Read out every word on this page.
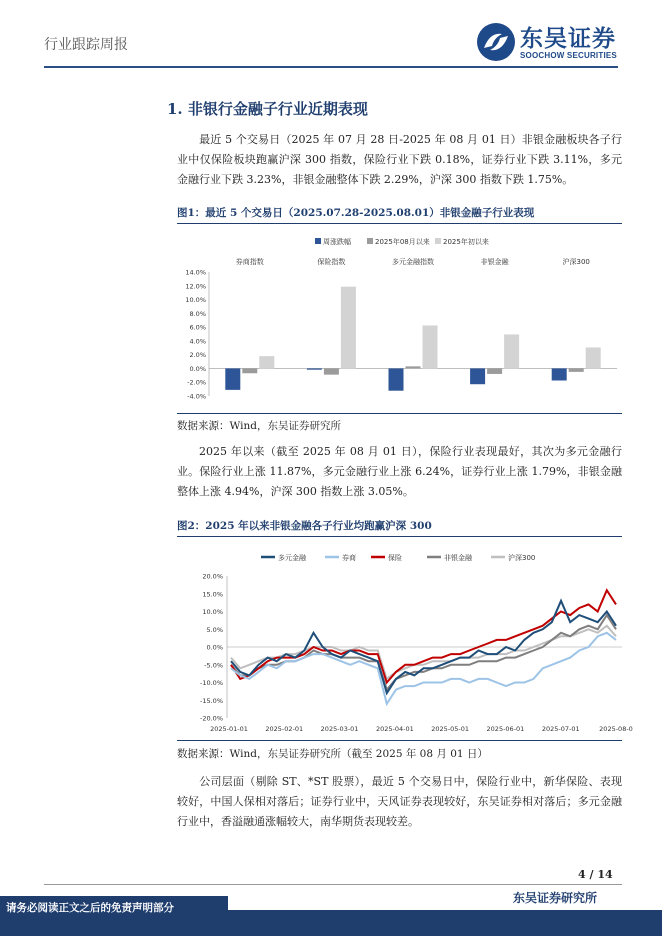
行业跟踪周报	东吴证券
SOOCHOW SECURITIES
1. 非银行金融子行业近期表现
最近 5 个交易日（2025 年 07 月 28 日-2025 年 08 月 01 日）非银金融板块各子行业中仅保险板块跑赢沪深 300 指数，保险行业下跌 0.18%，证券行业下跌 3.11%，多元金融行业下跌 3.23%，非银金融整体下跌 2.29%，沪深 300 指数下跌 1.75%。
图1：最近 5 个交易日（2025.07.28-2025.08.01）非银金融子行业表现
周涨跌幅	2025年08月以来 2025年初以来
14.0%
12.0%
10.0%
8.0%
6.0%
4.0%
2.0%
0.0%
-2.0%
-4.0%
券商指数	保险指数	多元金融指数	非银金融	沪深300
数据来源：Wind，东吴证券研究所
2025 年以来（截至 2025 年 08 月 01 日），保险行业表现最好，其次为多元金融行业。保险行业上涨 11.87%，多元金融行业上涨 6.24%，证券行业上涨 1.79%，非银金融整体上涨 4.94%，沪深 300 指数上涨 3.05%。
图2：2025 年以来非银金融各子行业均跑赢沪深 300
多元金融	券商	保险	非银金融	沪深300
20.0%
15.0%
10.0%
5.0%
0.0%
-5.0%
-10.0%
-15.0%
-20.0%
2025-01-01	2025-02-01	2025-03-01	2025-04-01	2025-05-01	2025-06-01	2025-07-01	2025-08-0
数据来源：Wind，东吴证券研究所（截至 2025 年 08 月 01 日）
公司层面（剔除 ST、*ST 股票），最近 5 个交易日中，保险行业中，新华保险、表现较好，中国人保相对落后；证券行业中，天风证券表现较好，东吴证券相对落后；多元金融行业中，香溢融通涨幅较大，南华期货表现较差。
4 / 14
东吴证券研究所
请务必阅读正文之后的免责声明部分
